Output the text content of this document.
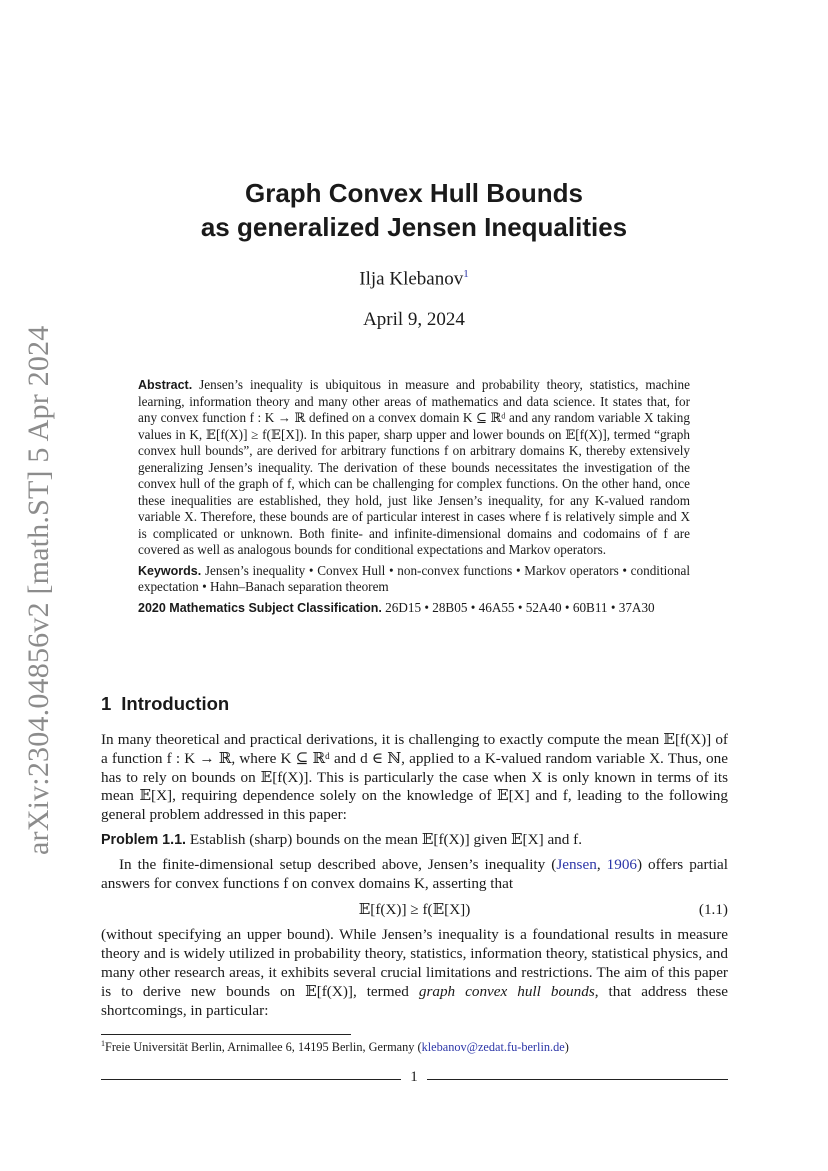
arXiv:2304.04856v2 [math.ST] 5 Apr 2024
Graph Convex Hull Bounds
as generalized Jensen Inequalities
Ilja Klebanov$^1$
April 9, 2024

Abstract. Jensen’s inequality is ubiquitous in measure and probability theory, statistics, machine learning, information theory and many other areas of mathematics and data science. It states that, for any convex function f : K → ℝ defined on a convex domain K ⊆ ℝᵈ and any random variable X taking values in K, 𝔼[f(X)] ≥ f(𝔼[X]). In this paper, sharp upper and lower bounds on 𝔼[f(X)], termed “graph convex hull bounds”, are derived for arbitrary functions f on arbitrary domains K, thereby extensively generalizing Jensen’s inequality. The derivation of these bounds necessitates the investigation of the convex hull of the graph of f, which can be challenging for complex functions. On the other hand, once these inequalities are established, they hold, just like Jensen’s inequality, for any K-valued random variable X. Therefore, these bounds are of particular interest in cases where f is relatively simple and X is complicated or unknown. Both finite- and infinite-dimensional domains and codomains of f are covered as well as analogous bounds for conditional expectations and Markov operators.

Keywords. Jensen’s inequality • Convex Hull • non-convex functions • Markov operators • conditional expectation • Hahn–Banach separation theorem

2020 Mathematics Subject Classification. 26D15 • 28B05 • 46A55 • 52A40 • 60B11 • 37A30

1 Introduction

In many theoretical and practical derivations, it is challenging to exactly compute the mean 𝔼[f(X)] of a function f : K → ℝ, where K ⊆ ℝᵈ and d ∈ ℕ, applied to a K-valued random variable X. Thus, one has to rely on bounds on 𝔼[f(X)]. This is particularly the case when X is only known in terms of its mean 𝔼[X], requiring dependence solely on the knowledge of 𝔼[X] and f, leading to the following general problem addressed in this paper:

Problem 1.1. Establish (sharp) bounds on the mean 𝔼[f(X)] given 𝔼[X] and f.

In the finite-dimensional setup described above, Jensen’s inequality (Jensen, 1906) offers partial answers for convex functions f on convex domains K, asserting that

𝔼[f(X)] ≥ f(𝔼[X])	(1.1)

(without specifying an upper bound). While Jensen’s inequality is a foundational results in measure theory and is widely utilized in probability theory, statistics, information theory, statistical physics, and many other research areas, it exhibits several crucial limitations and restrictions. The aim of this paper is to derive new bounds on 𝔼[f(X)], termed graph convex hull bounds, that address these shortcomings, in particular:

$^1$Freie Universität Berlin, Arnimallee 6, 14195 Berlin, Germany (klebanov@zedat.fu-berlin.de)
1
